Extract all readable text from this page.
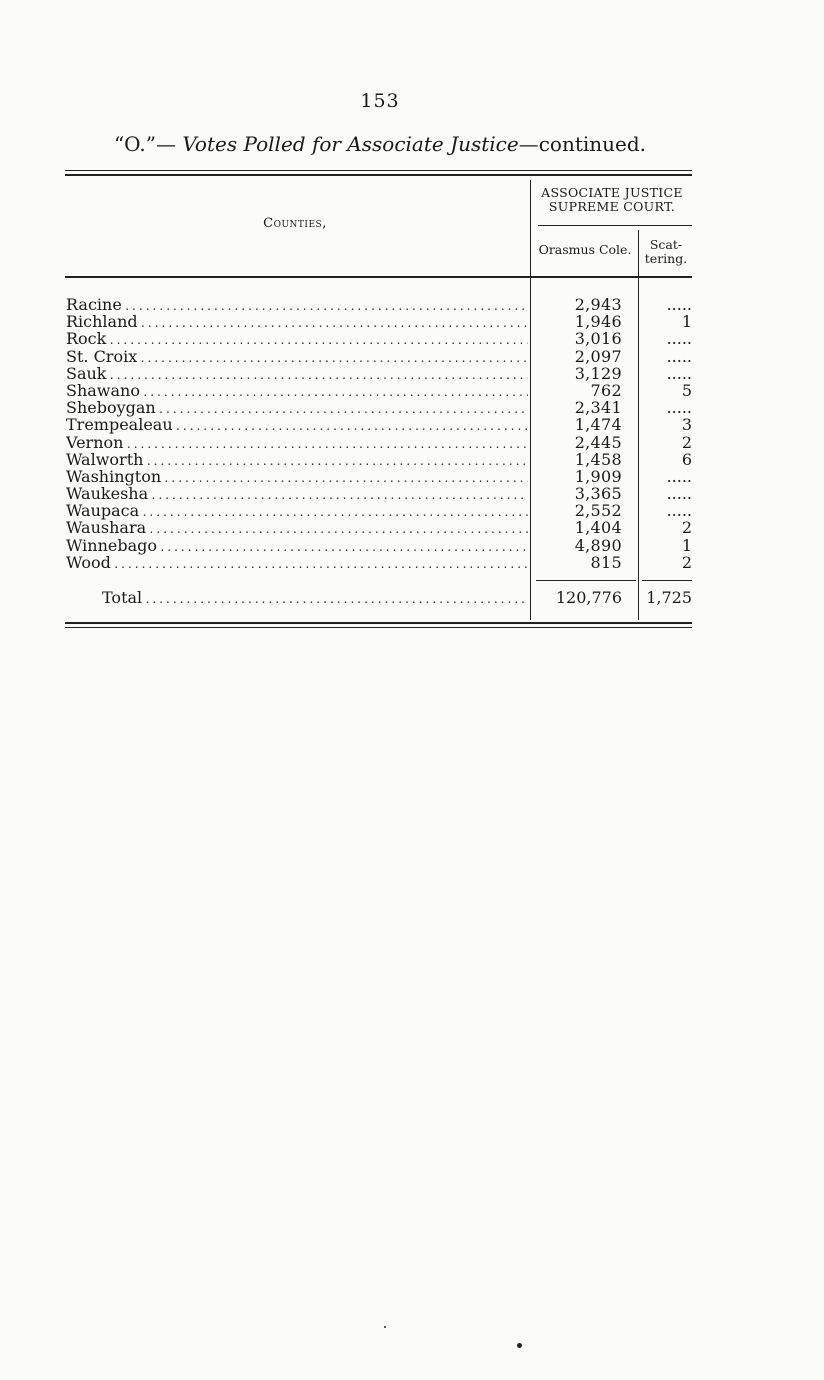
153
“O.”— Votes Polled for Associate Justice—continued.
Counties,
ASSOCIATE JUSTICE
SUPREME COURT.
Orasmus Cole.	Scat-
tering.
Racine . . .	2,943	.....
Richland . . .	1,946	1
Rock . . .	3,016	.....
St. Croix . . .	2,097	.....
Sauk . . .	3,129	.....
Shawano . . .	762	5
Sheboygan . . .	2,341	.....
Trempealeau . . .	1,474	3
Vernon . . .	2,445	2
Walworth . . .	1,458	6
Washington . . .	1,909	.....
Waukesha . . .	3,365	.....
Waupaca . . .	2,552	.....
Waushara . . .	1,404	2
Winnebago . . .	4,890	1
Wood . . .	815	2
Total . . .	120,776 1,725
